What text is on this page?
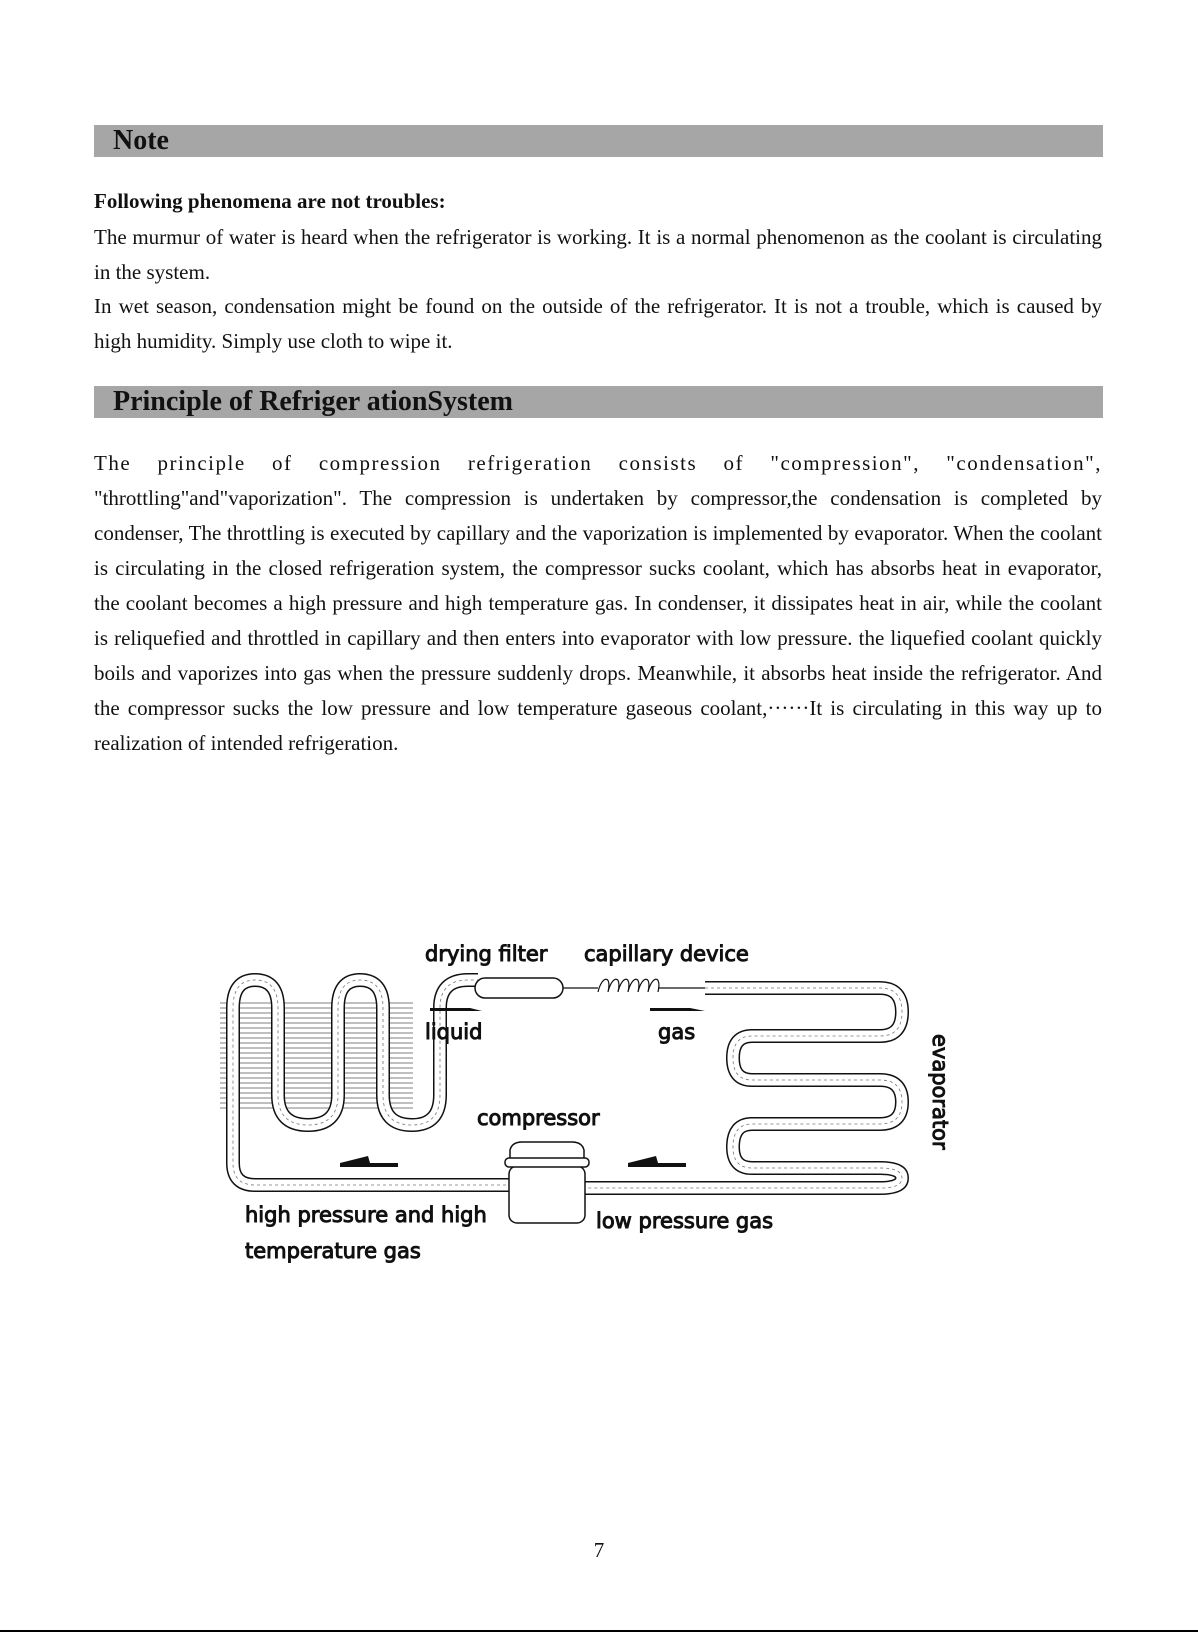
Note

Following phenomena are not troubles:

The murmur of water is heard when the refrigerator is working. It is a normal phenomenon as the coolant is circulating in the system.

In wet season, condensation might be found on the outside of the refrigerator. It is not a trouble, which is caused by high humidity. Simply use cloth to wipe it.

Principle of Refriger ationSystem

The principle of compression refrigeration consists of "compression", "condensation", "throttling"and"vaporization". The compression is undertaken by compressor,the condensation is completed by condenser, The throttling is executed by capillary and the vaporization is implemented by evaporator. When the coolant is circulating in the closed refrigeration system, the compressor sucks coolant, which has absorbs heat in evaporator, the coolant becomes a high pressure and high temperature gas. In condenser, it dissipates heat in air, while the coolant is reliquefied and throttled in capillary and then enters into evaporator with low pressure. the liquefied coolant quickly boils and vaporizes into gas when the pressure suddenly drops. Meanwhile, it absorbs heat inside the refrigerator. And the compressor sucks the low pressure and low temperature gaseous coolant,······It is circulating in this way up to realization of intended refrigeration.

drying filter capillary device
liquid	gas
compressor	evaporator
high pressure and high
temperature gas
low pressure gas
7
